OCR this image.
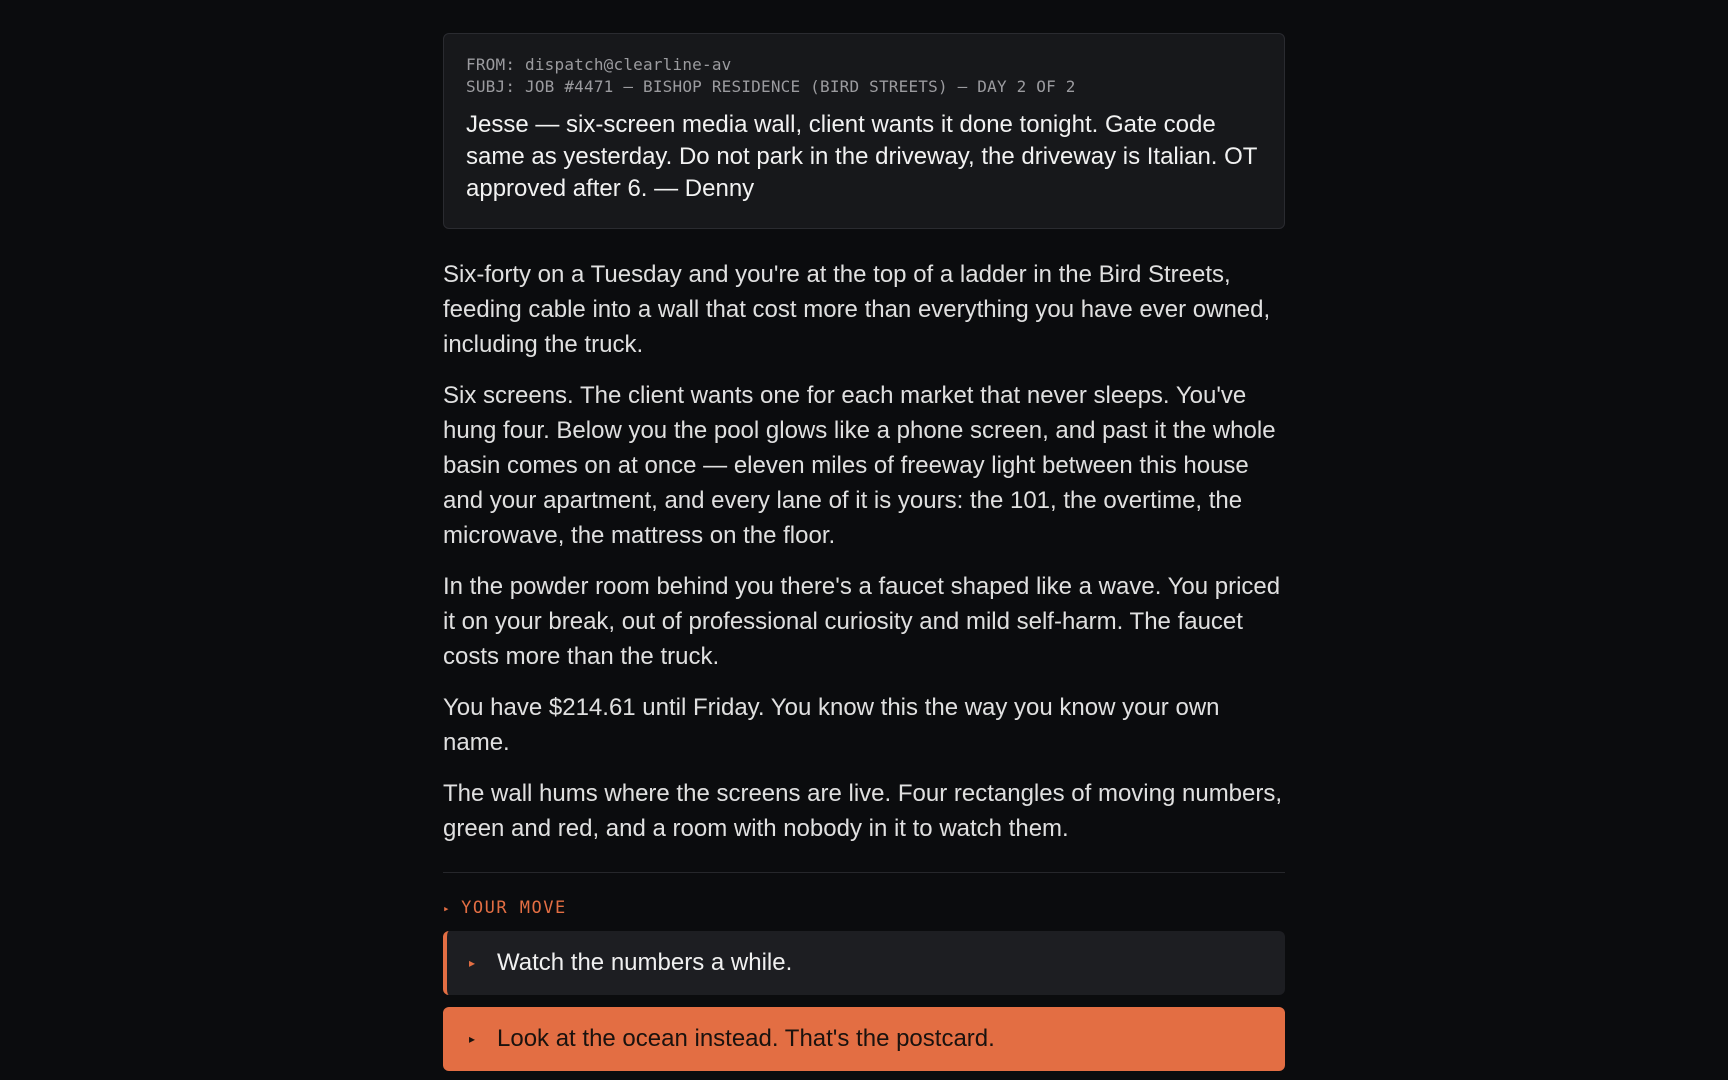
FROM: dispatch@clearline-av
SUBJ: JOB #4471 — BISHOP RESIDENCE (BIRD STREETS) — DAY 2 OF 2
Jesse — six-screen media wall, client wants it done tonight. Gate code same as yesterday. Do not park in the driveway, the driveway is Italian. OT approved after 6. — Denny

Six-forty on a Tuesday and you're at the top of a ladder in the Bird Streets, feeding cable into a wall that cost more than everything you have ever owned, including the truck.

Six screens. The client wants one for each market that never sleeps. You've hung four. Below you the pool glows like a phone screen, and past it the whole basin comes on at once — eleven miles of freeway light between this house and your apartment, and every lane of it is yours: the 101, the overtime, the microwave, the mattress on the floor.

In the powder room behind you there's a faucet shaped like a wave. You priced it on your break, out of professional curiosity and mild self-harm. The faucet costs more than the truck.

You have $214.61 until Friday. You know this the way you know your own name.

The wall hums where the screens are live. Four rectangles of moving numbers, green and red, and a room with nobody in it to watch them.

▸ YOUR MOVE
▸ Watch the numbers a while.
▸ Look at the ocean instead. That's the postcard.
